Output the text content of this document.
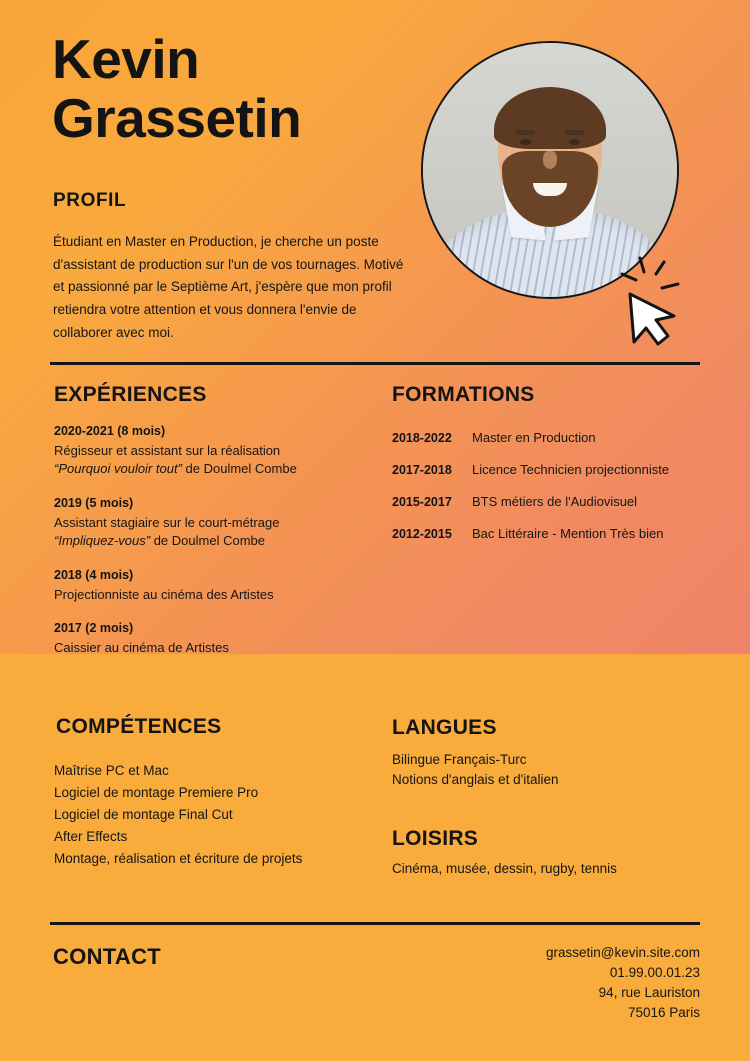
Kevin
Grassetin
PROFIL
Étudiant en Master en Production, je cherche un poste d'assistant de production sur l'un de vos tournages. Motivé et passionné par le Septième Art, j'espère que mon profil retiendra votre attention et vous donnera l'envie de collaborer avec moi.
EXPÉRIENCES
2020-2021 (8 mois)
Régisseur et assistant sur la réalisation
“Pourquoi vouloir tout” de Doulmel Combe
2019 (5 mois)
Assistant stagiaire sur le court-métrage
“Impliquez-vous” de Doulmel Combe
2018 (4 mois)
Projectionniste au cinéma des Artistes
2017 (2 mois)
Caissier au cinéma de Artistes
FORMATIONS
2018-2022	Master en Production
2017-2018	Licence Technicien projectionniste
2015-2017	BTS métiers de l'Audiovisuel
2012-2015	Bac Littéraire - Mention Très bien
COMPÉTENCES
Maîtrise PC et Mac
Logiciel de montage Premiere Pro
Logiciel de montage Final Cut
After Effects
Montage, réalisation et écriture de projets
LANGUES
Bilingue Français-Turc
Notions d'anglais et d'italien
LOISIRS
Cinéma, musée, dessin, rugby, tennis
CONTACT	grassetin@kevin.site.com
01.99.00.01.23
94, rue Lauriston
75016 Paris
